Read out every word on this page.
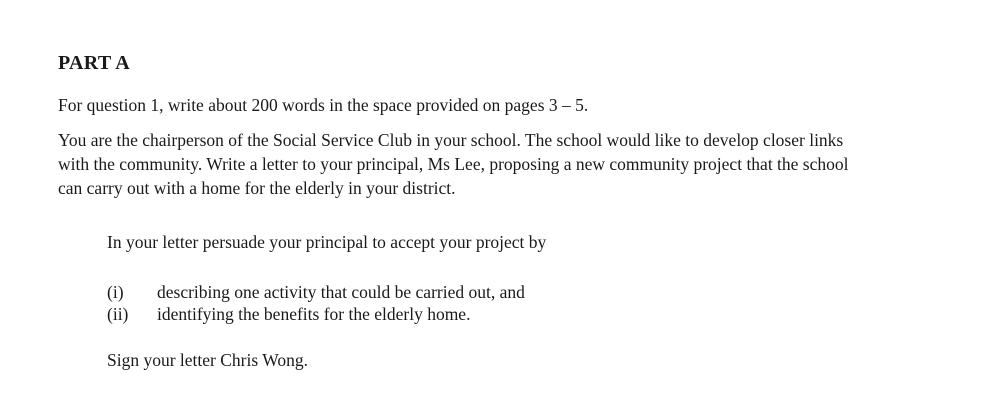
PART A
For question 1, write about 200 words in the space provided on pages 3 – 5.
You are the chairperson of the Social Service Club in your school. The school would like to develop closer links
with the community. Write a letter to your principal, Ms Lee, proposing a new community project that the school
can carry out with a home for the elderly in your district.
In your letter persuade your principal to accept your project by
(i) describing one activity that could be carried out, and
(ii) identifying the benefits for the elderly home.
Sign your letter Chris Wong.
